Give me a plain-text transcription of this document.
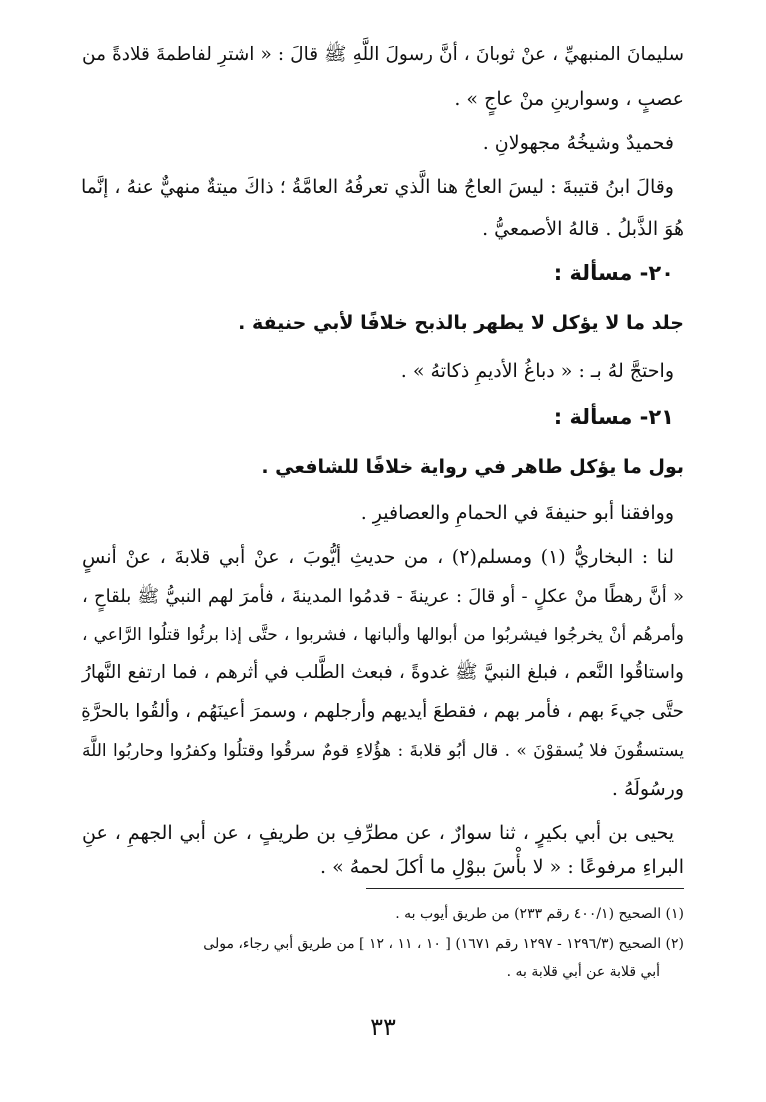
سليمانَ المنبهيِّ ، عنْ ثوبانَ ، أنَّ رسولَ اللَّهِ ﷺ قالَ : « اشترِ لفاطمةَ قلادةً من
عصبٍ ، وسوارينِ منْ عاجٍ » .
فحميدٌ وشيخُهُ مجهولانِ .
وقالَ ابنُ قتيبةَ : ليسَ العاجُ هنا الَّذي تعرفُهُ العامَّةُ ؛ ذاكَ ميتةٌ منهيٌّ عنهُ ، إنَّما
هُوَ الذَّبلُ . قالهُ الأصمعيُّ .
٢٠- مسألة :
جلد ما لا يؤكل لا يطهر بالذبح خلافًا لأبي حنيفة .
واحتجَّ لهُ بـ : « دباغُ الأديمِ ذكاتهُ » .
٢١- مسألة :
بول ما يؤكل طاهر في رواية خلافًا للشافعي .
ووافقنا أبو حنيفةَ في الحمامِ والعصافيرِ .
لنا : البخاريُّ (١) ومسلم(٢) ، من حديثِ أيُّوبَ ، عنْ أبي قلابةَ ، عنْ أنسٍ
« أنَّ رهطًا منْ عكلٍ - أو قالَ : عرينةَ - قدمُوا المدينةَ ، فأمرَ لهم النبيُّ ﷺ بلقاحٍ ،
وأمرهُم أنْ يخرجُوا فيشربُوا من أبوالها وألبانها ، فشربوا ، حتَّى إذا برئُوا قتلُوا الرَّاعي ،
واستاقُوا النَّعم ، فبلغ النبيَّ ﷺ غدوةً ، فبعث الطَّلب في أثرهم ، فما ارتفع النَّهارُ
حتَّى جيءَ بهم ، فأمر بهم ، فقطعَ أيديهم وأرجلهم ، وسمرَ أعينَهُم ، وألقُوا بالحرَّةِ
يستسقُونَ فلا يُسقوْنَ » . قال أبُو قلابةَ : هؤُلاءِ قومٌ سرقُوا وقتلُوا وكفرُوا وحاربُوا اللَّهَ
ورسُولَهُ .
يحيى بن أبي بكيرٍ ، ثنا سوارٌ ، عن مطرِّفِ بن طريفٍ ، عن أبي الجهمِ ، عنِ
البراءِ مرفوعًا : « لا بأْسَ ببوْلِ ما أكلَ لحمهُ » .
(١) الصحيح (٤٠٠/١ رقم ٢٣٣) من طريق أيوب به .
(٢) الصحيح (١٢٩٦/٣ - ١٢٩٧ رقم ١٦٧١) [ ١٠ ، ١١ ، ١٢ ] من طريق أبي رجاء، مولى
أبي قلابة عن أبي قلابة به .
٣٣
